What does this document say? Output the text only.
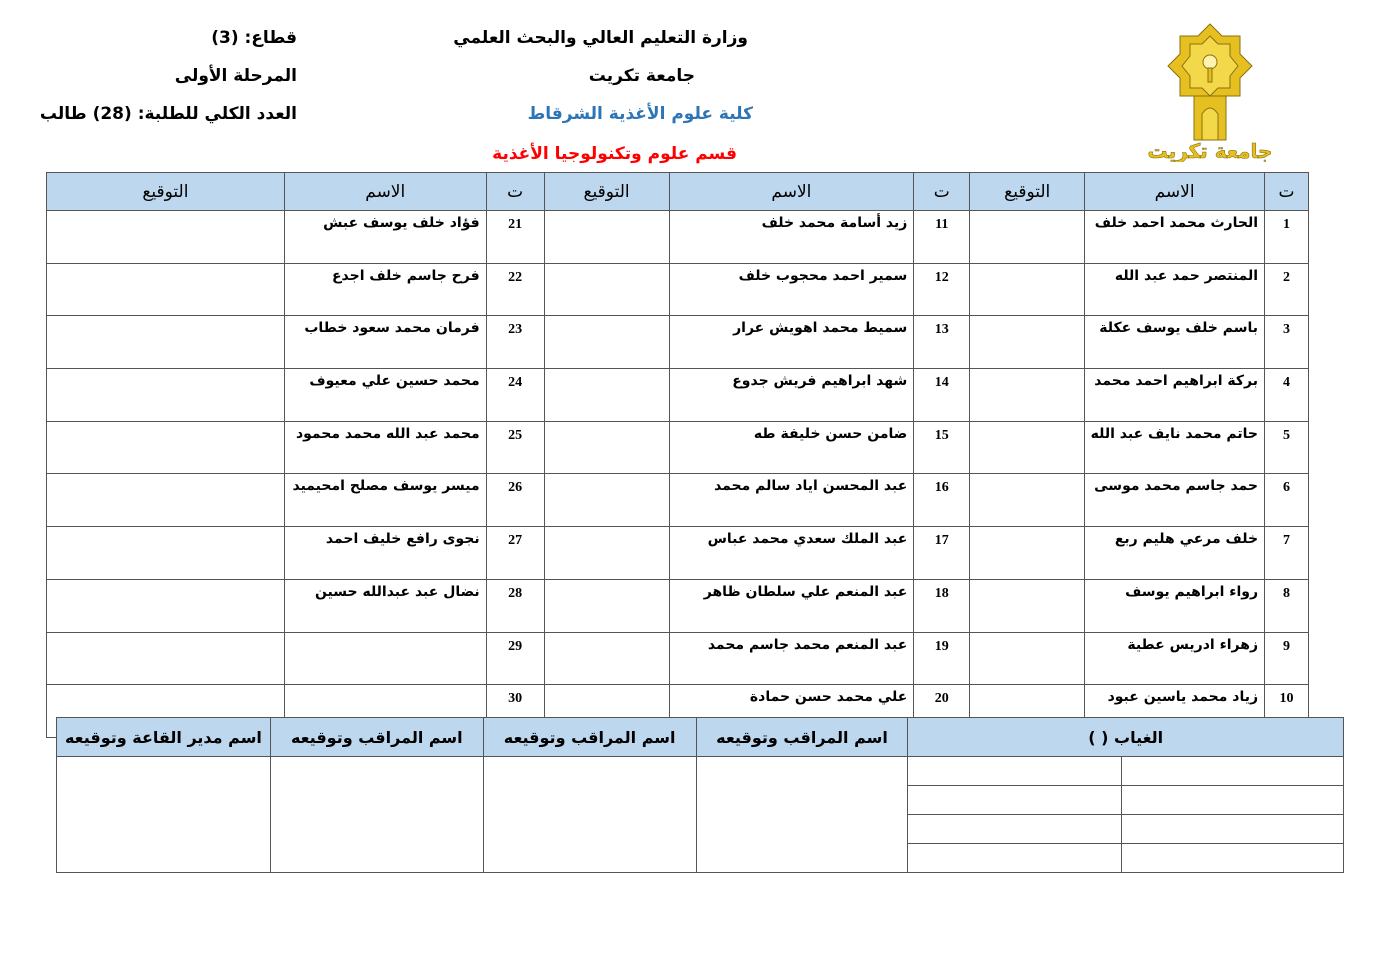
وزارة التعليم العالي والبحث العلمي
جامعة تكريت
كلية علوم الأغذية الشرقاط
قسم علوم وتكنولوجيا الأغذية
قطاع: (3)
المرحلة الأولى
العدد الكلي للطلبة: (28) طالب
جامعة تكريت
ت	الاسم	التوقيع	ت	الاسم	التوقيع	ت	الاسم	التوقيع
1	الحارث محمد احمد خلف		11	زيد أسامة محمد خلف		21	فؤاد خلف يوسف عبش	
2	المنتصر حمد عبد الله		12	سمير احمد محجوب خلف		22	فرح جاسم خلف اجدع	
3	باسم خلف يوسف عكلة		13	سميط محمد اهويش عرار		23	فرمان محمد سعود خطاب	
4	بركة ابراهيم احمد محمد		14	شهد ابراهيم فريش جدوع		24	محمد حسين علي معيوف	
5	حاتم محمد نايف عبد الله		15	ضامن حسن خليفة طه		25	محمد عبد الله محمد محمود	
6	حمد جاسم محمد موسى		16	عبد المحسن اياد سالم محمد		26	ميسر يوسف مصلح امحيميد	
7	خلف مرعي هليم ربع		17	عبد الملك سعدي محمد عباس		27	نجوى رافع خليف احمد	
8	رواء ابراهيم يوسف		18	عبد المنعم علي سلطان ظاهر		28	نضال عبد عبدالله حسين	
9	زهراء ادريس عطية		19	عبد المنعم محمد جاسم محمد		29		
10	زياد محمد ياسين عبود		20	علي محمد حسن حمادة		30		
الغياب ( )		اسم المراقب وتوقيعه	اسم المراقب وتوقيعه	اسم المراقب وتوقيعه	اسم مدير القاعة وتوقيعه
